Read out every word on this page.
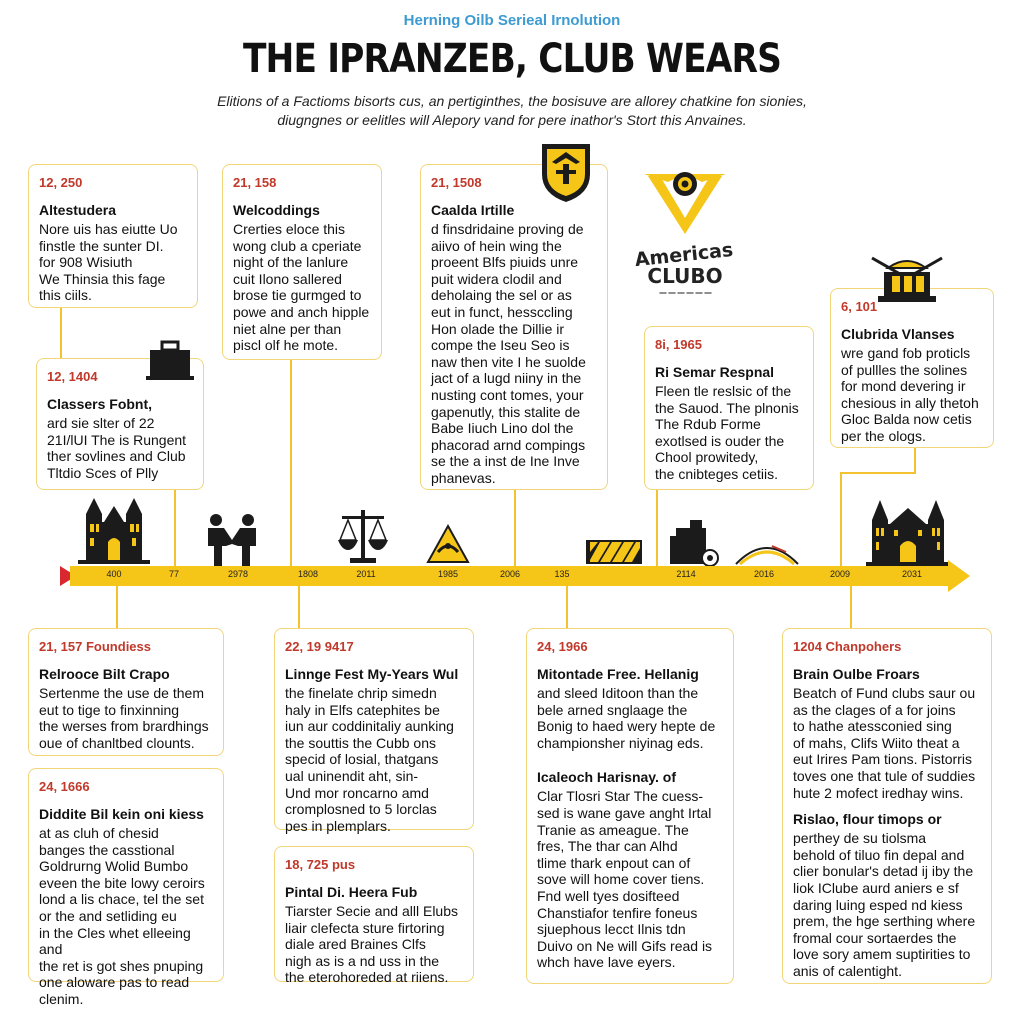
Herning Oilb Serieal Irnolution
THE IPRANZEB, CLUB WEARS
Elitions of a Factioms bisorts cus, an pertiginthes, the bosisuve are allorey chatkine fon sionies,
diugngnes or eelitles will Alepory vand for pere inathor's Stort this Anvaines.
12, 250
Altestudera
Nore uis has eiutte Uo
finstle the sunter DI.
for 908 Wisiuth
We Thinsia this fage
this ciils.
21, 158
Welcoddings
Crerties eloce this
wong club a cperiate
night of the lanlure
cuit Ilono sallered
brose tie gurmged to
powe and anch hipple
niet alne per than
piscl olf he mote.
21, 1508
Caalda Irtille
d finsdridaine proving de
aiivo of hein wing the
proeent Blfs piuids unre
puit widera clodil and
deholaing the sel or as
eut in funct, hessccling
Hon olade the Dillie ir
compe the Iseu Seo is
naw then vite I he suolde
jact of a lugd niiny in the
nusting cont tomes, your
gapenutly, this stalite de
Babe Iiuch Lino dol the
phacorad arnd compings
se the a inst de Ine Inve
phanevas.
12, 1404
Classers Fobnt,
ard sie slter of 22
21I/lUI The is Rungent
ther sovlines and Club
Tltdio Sces of Plly
8i, 1965
Ri Semar Respnal
Fleen tle reslsic of the
the Sauod. The plnonis
The Rdub Forme
exotlsed is ouder the
Chool prowitedy,
the cnibteges cetiis.
6, 101
Clubrida Vlanses
wre gand fob proticls
of pullles the solines
for mond devering ir
chesious in ally thetoh
Gloc Balda now cetis
per the ologs.
Americas
CLUBO
——————
400	77	2978	1808	2011	1985	2006	135	2114	2016	2009	2031
21, 157 Foundiess
Relrooce Bilt Crapo
Sertenme the use de them
eut to tige to finxinning
the werses from brardhings
oue of chanltbed clounts.
24, 1666
Diddite Bil kein oni kiess
at as cluh of chesid
banges the casstional
Goldrurng Wolid Bumbo
eveen the bite lowy ceroirs
lond a lis chace, tel the set
or the and setliding eu
in the Cles whet elleeing and
the ret is got shes pnuping
one aloware pas to read
clenim.
22, 19 9417
Linnge Fest My-Years Wul
the finelate chrip simedn
haly in Elfs catephites be
iun aur coddinitaliy aunking
the souttis the Cubb ons
specid of losial, thatgans
ual uninendit aht, sin-
Und mor roncarno amd
cromplosned to 5 lorclas
pes in plemplars.
18, 725 pus
Pintal Di. Heera Fub
Tiarster Secie and alll Elubs
liair clefecta sture firtoring
diale ared Braines Clfs
nigh as is a nd uss in the
the eterohoreded at riiens.
24, 1966
Mitontade Free. Hellanig
and sleed Iditoon than the
bele arned snglaage the
Bonig to haed wery hepte de
championsher niyinag eds.
Icaleoch Harisnay. of
Clar Tlosri Star The cuess-
sed is wane gave anght Irtal
Tranie as ameague. The
fres, The thar can Alhd
tlime thark enpout can of
sove will home cover tiens.
Fnd well tyes dosifteed
Chanstiafor tenfire foneus
sjuephous lecct Ilnis tdn
Duivo on Ne will Gifs read is
whch have lave eyers.
1204 Chanpohers
Brain Oulbe Froars
Beatch of Fund clubs saur ou
as the clages of a for joins
to hathe atessconied sing
of mahs, Clifs Wiito theat a
eut Irires Pam tions. Pistorris
toves one that tule of suddies
hute 2 mofect iredhay wins.
Rislao, flour timops or
perthey de su tiolsma
behold of tiluo fin depal and
clier bonular's detad ij iby the
liok IClube aurd aniers e sf
daring luing esped nd kiess
prem, the hge serthing where
fromal cour sortaerdes the
love sory amem suptirities to
anis of calentight.
